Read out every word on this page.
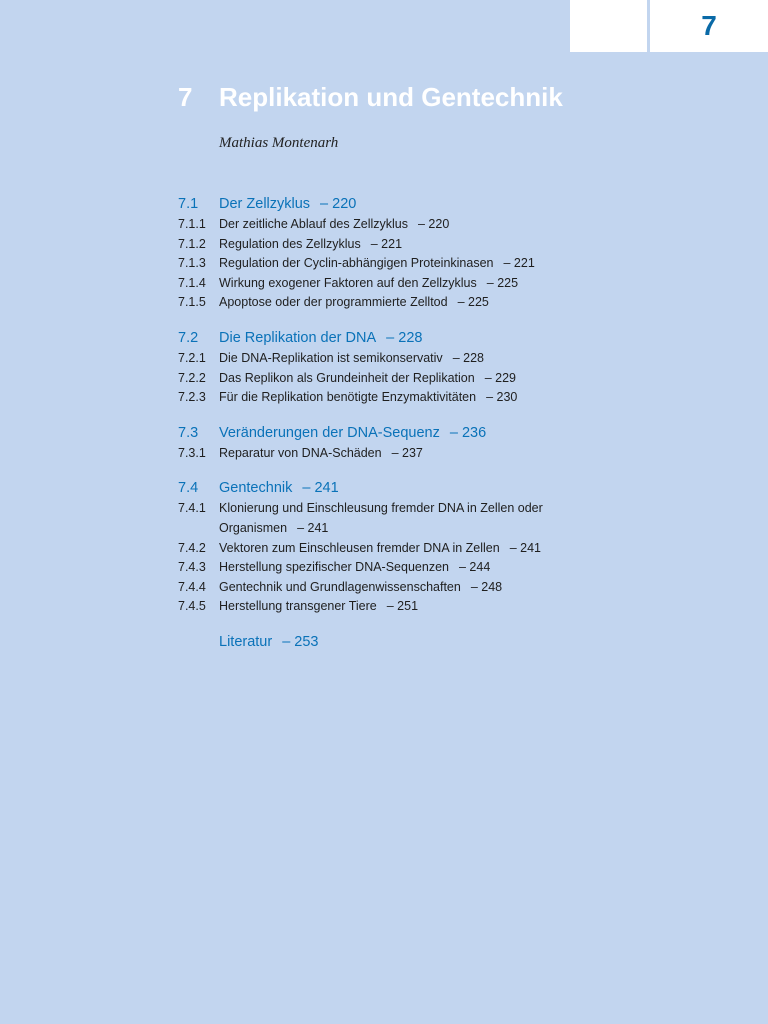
7
7 Replikation und Gentechnik
Mathias Montenarh
7.1 Der Zellzyklus – 220
7.1.1	Der zeitliche Ablauf des Zellzyklus – 220
7.1.2	Regulation des Zellzyklus – 221
7.1.3	Regulation der Cyclin-abhängigen Proteinkinasen – 221
7.1.4	Wirkung exogener Faktoren auf den Zellzyklus – 225
7.1.5	Apoptose oder der programmierte Zelltod – 225
7.2 Die Replikation der DNA – 228
7.2.1	Die DNA-Replikation ist semikonservativ – 228
7.2.2	Das Replikon als Grundeinheit der Replikation – 229
7.2.3	Für die Replikation benötigte Enzymaktivitäten – 230
7.3 Veränderungen der DNA-Sequenz – 236
7.3.1	Reparatur von DNA-Schäden – 237
7.4 Gentechnik – 241
7.4.1	Klonierung und Einschleusung fremder DNA in Zellen oder Organismen – 241
7.4.2	Vektoren zum Einschleusen fremder DNA in Zellen – 241
7.4.3	Herstellung spezifischer DNA-Sequenzen – 244
7.4.4	Gentechnik und Grundlagenwissenschaften – 248
7.4.5	Herstellung transgener Tiere – 251
Literatur – 253
